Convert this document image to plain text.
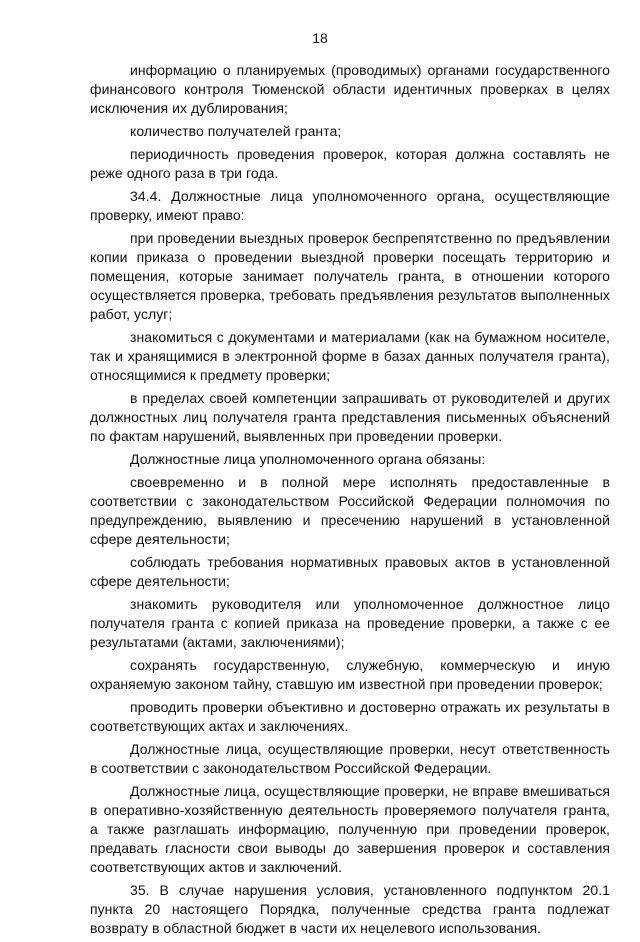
18

информацию о планируемых (проводимых) органами государственного финансового контроля Тюменской области идентичных проверках в целях исключения их дублирования;

количество получателей гранта;

периодичность проведения проверок, которая должна составлять не реже одного раза в три года.

34.4. Должностные лица уполномоченного органа, осуществляющие проверку, имеют право:

при проведении выездных проверок беспрепятственно по предъявлении копии приказа о проведении выездной проверки посещать территорию и помещения, которые занимает получатель гранта, в отношении которого осуществляется проверка, требовать предъявления результатов выполненных работ, услуг;

знакомиться с документами и материалами (как на бумажном носителе, так и хранящимися в электронной форме в базах данных получателя гранта), относящимися к предмету проверки;

в пределах своей компетенции запрашивать от руководителей и других должностных лиц получателя гранта представления письменных объяснений по фактам нарушений, выявленных при проведении проверки.

Должностные лица уполномоченного органа обязаны:

своевременно и в полной мере исполнять предоставленные в соответствии с законодательством Российской Федерации полномочия по предупреждению, выявлению и пресечению нарушений в установленной сфере деятельности;

соблюдать требования нормативных правовых актов в установленной сфере деятельности;

знакомить руководителя или уполномоченное должностное лицо получателя гранта с копией приказа на проведение проверки, а также с ее результатами (актами, заключениями);

сохранять государственную, служебную, коммерческую и иную охраняемую законом тайну, ставшую им известной при проведении проверок;

проводить проверки объективно и достоверно отражать их результаты в соответствующих актах и заключениях.

Должностные лица, осуществляющие проверки, несут ответственность в соответствии с законодательством Российской Федерации.

Должностные лица, осуществляющие проверки, не вправе вмешиваться в оперативно-хозяйственную деятельность проверяемого получателя гранта, а также разглашать информацию, полученную при проведении проверок, предавать гласности свои выводы до завершения проверок и составления соответствующих актов и заключений.

35. В случае нарушения условия, установленного подпунктом 20.1 пункта 20 настоящего Порядка, полученные средства гранта подлежат возврату в областной бюджет в части их нецелевого использования.
